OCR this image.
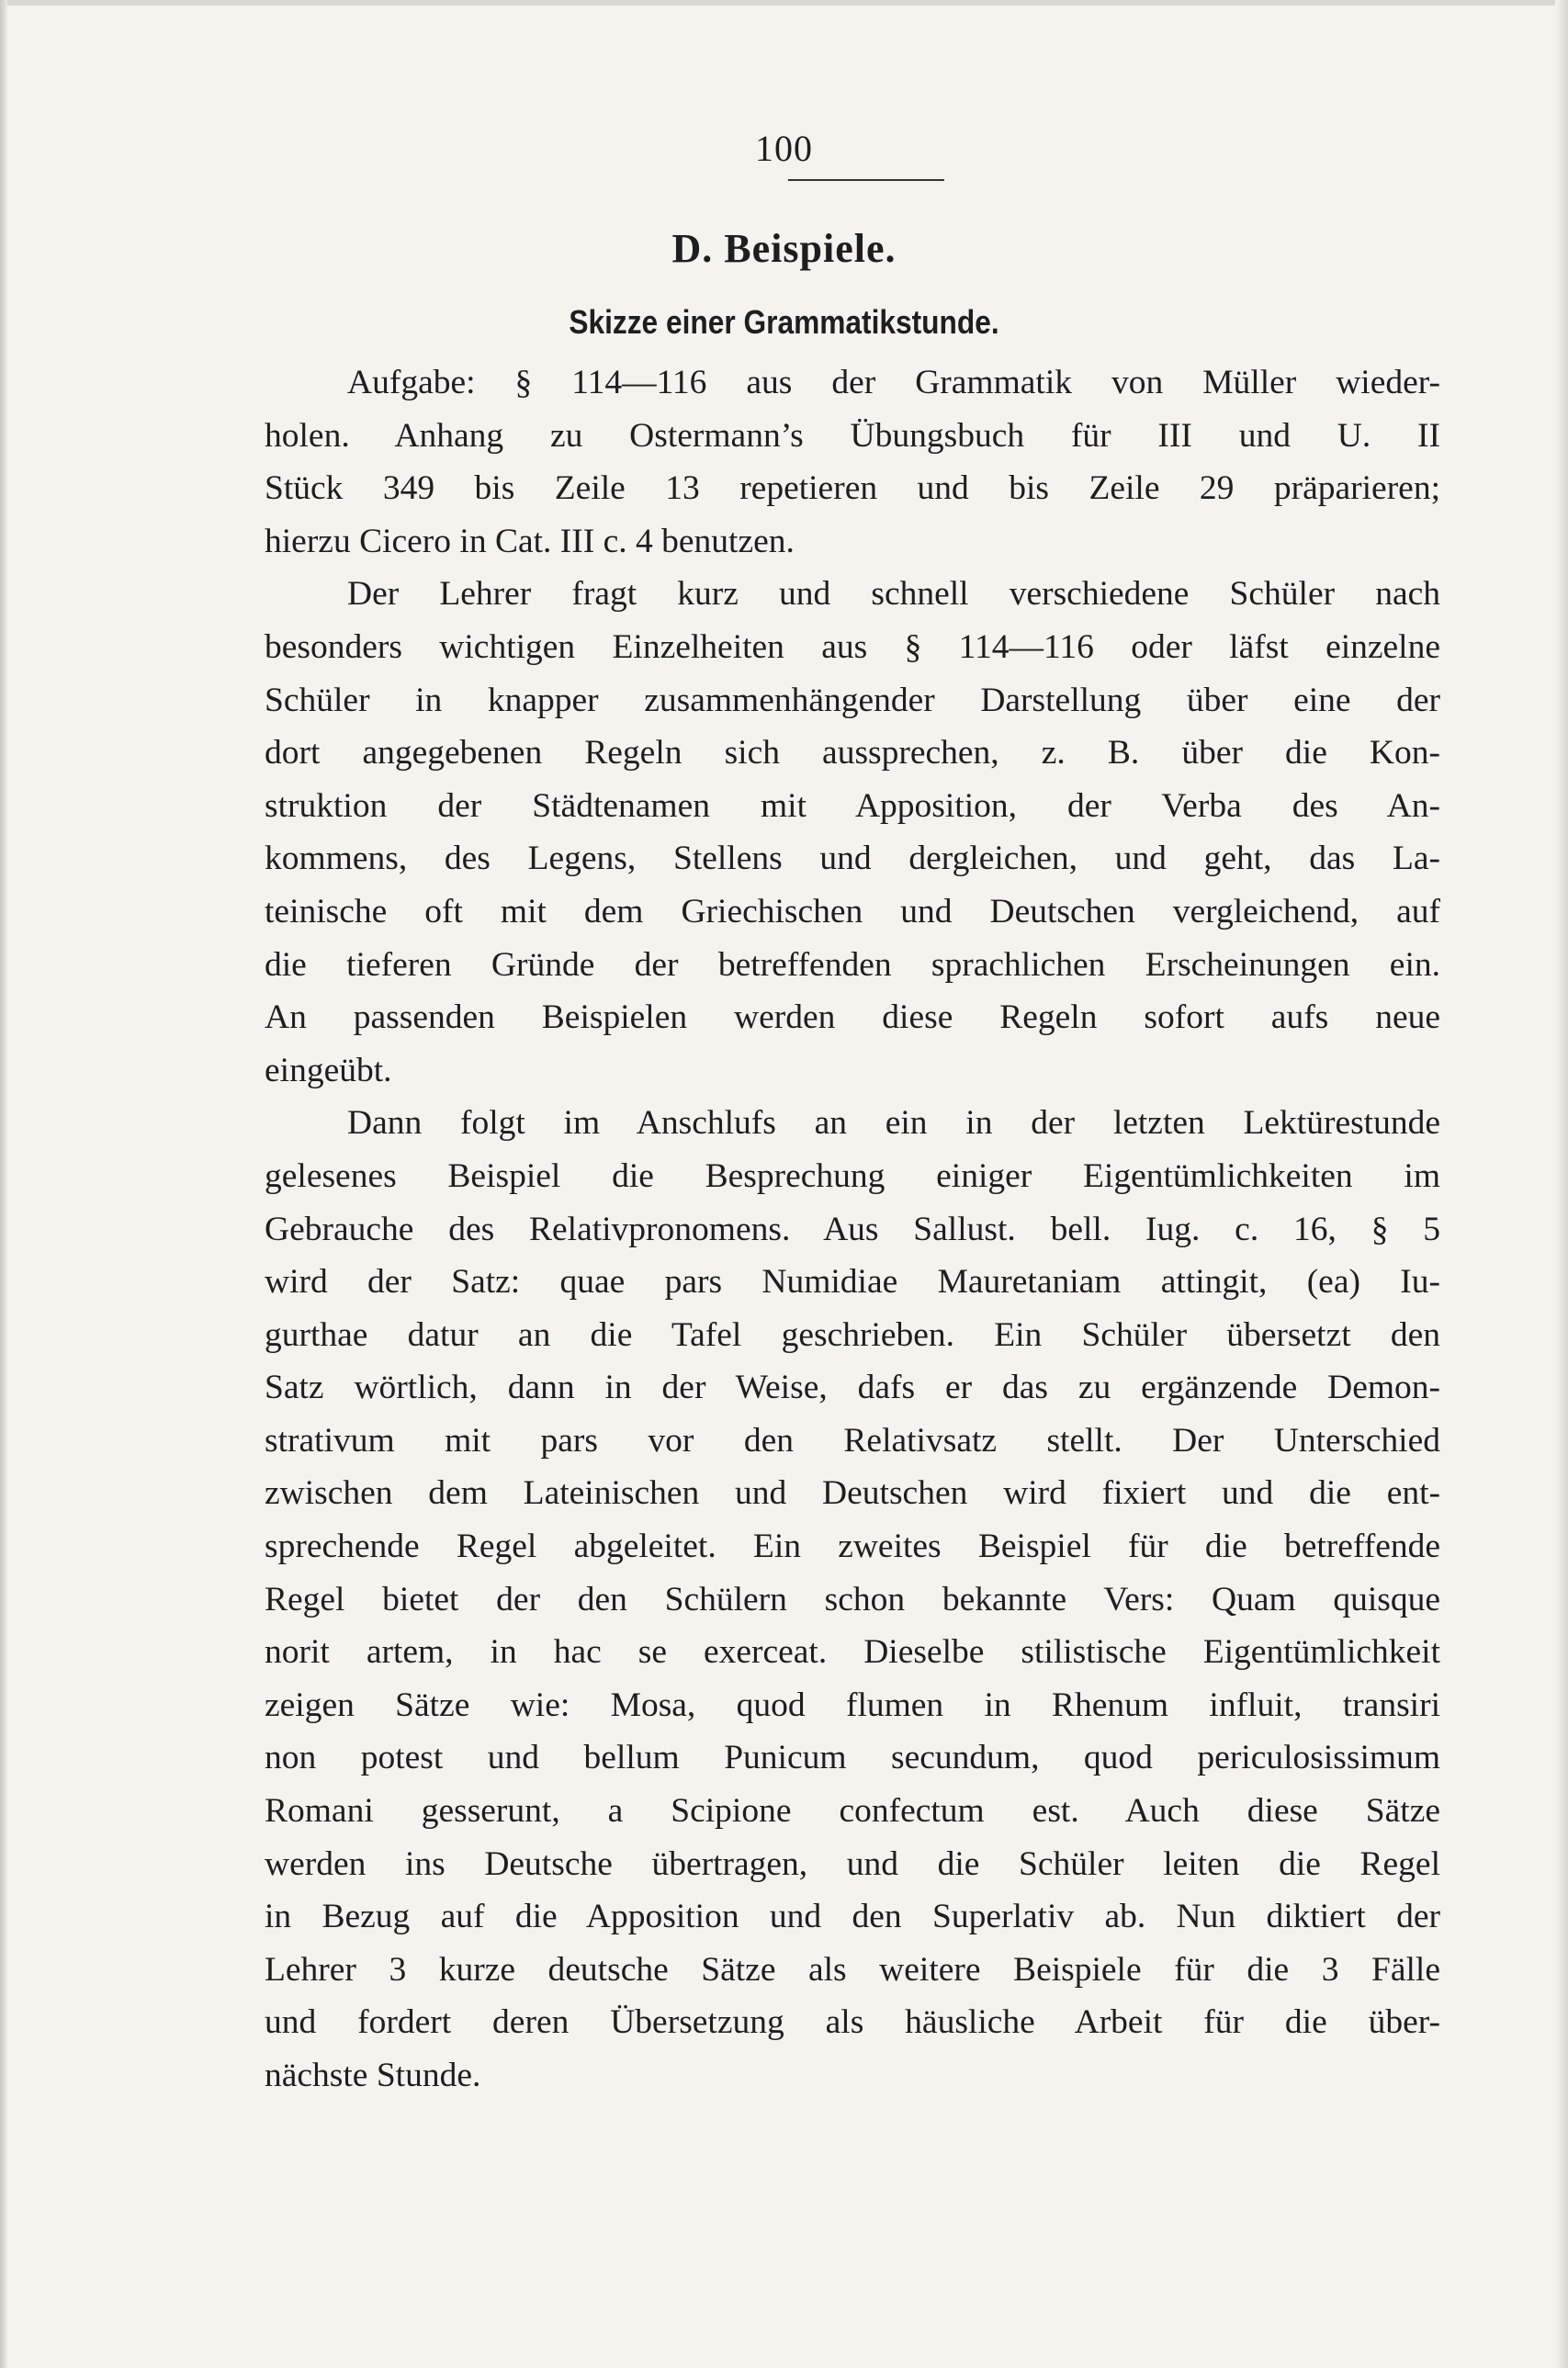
100
D. Beispiele.
Skizze einer Grammatikstunde.
Aufgabe: § 114—116 aus der Grammatik von Müller wieder-
holen. Anhang zu Ostermann’s Übungsbuch für III und U. II
Stück 349 bis Zeile 13 repetieren und bis Zeile 29 präparieren;
hierzu Cicero in Cat. III c. 4 benutzen.
Der Lehrer fragt kurz und schnell verschiedene Schüler nach
besonders wichtigen Einzelheiten aus § 114—116 oder läfst einzelne
Schüler in knapper zusammenhängender Darstellung über eine der
dort angegebenen Regeln sich aussprechen, z. B. über die Kon-
struktion der Städtenamen mit Apposition, der Verba des An-
kommens, des Legens, Stellens und dergleichen, und geht, das La-
teinische oft mit dem Griechischen und Deutschen vergleichend, auf
die tieferen Gründe der betreffenden sprachlichen Erscheinungen ein.
An passenden Beispielen werden diese Regeln sofort aufs neue
eingeübt.
Dann folgt im Anschlufs an ein in der letzten Lektürestunde
gelesenes Beispiel die Besprechung einiger Eigentümlichkeiten im
Gebrauche des Relativpronomens. Aus Sallust. bell. Iug. c. 16, § 5
wird der Satz: quae pars Numidiae Mauretaniam attingit, (ea) Iu-
gurthae datur an die Tafel geschrieben. Ein Schüler übersetzt den
Satz wörtlich, dann in der Weise, dafs er das zu ergänzende Demon-
strativum mit pars vor den Relativsatz stellt. Der Unterschied
zwischen dem Lateinischen und Deutschen wird fixiert und die ent-
sprechende Regel abgeleitet. Ein zweites Beispiel für die betreffende
Regel bietet der den Schülern schon bekannte Vers: Quam quisque
norit artem, in hac se exerceat. Dieselbe stilistische Eigentümlichkeit
zeigen Sätze wie: Mosa, quod flumen in Rhenum influit, transiri
non potest und bellum Punicum secundum, quod periculosissimum
Romani gesserunt, a Scipione confectum est. Auch diese Sätze
werden ins Deutsche übertragen, und die Schüler leiten die Regel
in Bezug auf die Apposition und den Superlativ ab. Nun diktiert der
Lehrer 3 kurze deutsche Sätze als weitere Beispiele für die 3 Fälle
und fordert deren Übersetzung als häusliche Arbeit für die über-
nächste Stunde.
